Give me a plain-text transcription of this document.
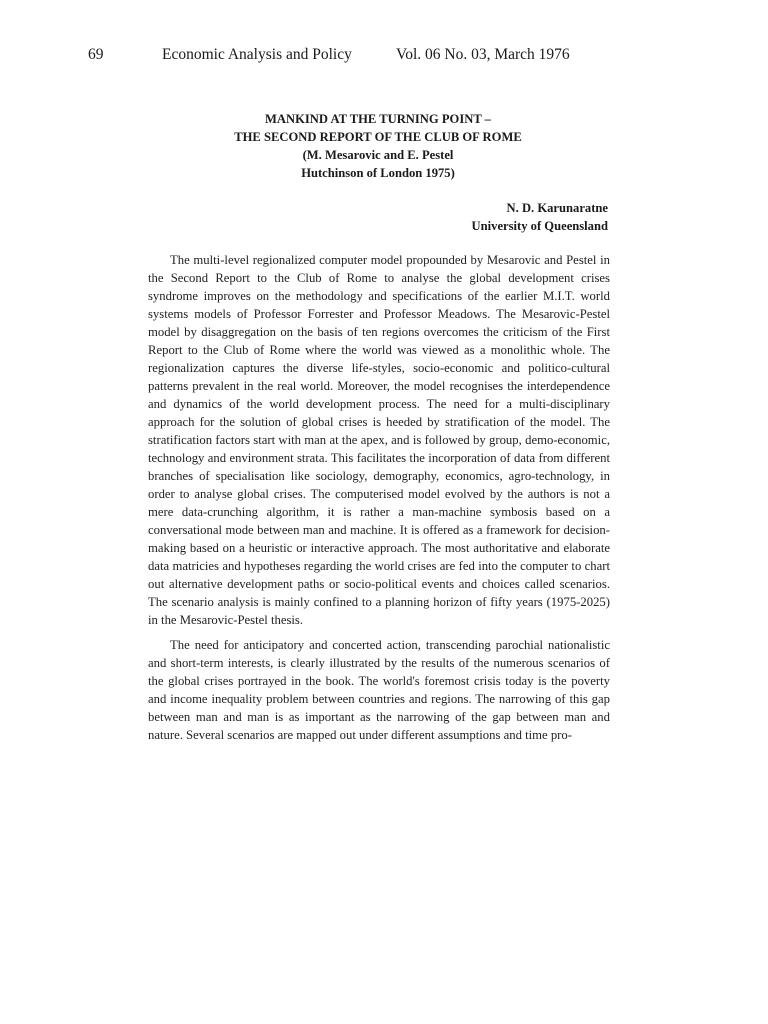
69	Economic Analysis and Policy	Vol. 06 No. 03, March 1976
MANKIND AT THE TURNING POINT –
THE SECOND REPORT OF THE CLUB OF ROME
(M. Mesarovic and E. Pestel
Hutchinson of London 1975)
N. D. Karunaratne
University of Queensland

The multi-level regionalized computer model propounded by Mesarovic and Pestel in the Second Report to the Club of Rome to analyse the global development crises syndrome improves on the methodology and specifications of the earlier M.I.T. world systems models of Professor Forrester and Professor Meadows. The Mesarovic-Pestel model by disaggregation on the basis of ten regions overcomes the criticism of the First Report to the Club of Rome where the world was viewed as a monolithic whole. The regionalization captures the diverse life-styles, socio-economic and politico-cultural patterns prevalent in the real world. Moreover, the model recognises the interdependence and dynamics of the world development process. The need for a multi-disciplinary approach for the solution of global crises is heeded by stratification of the model. The stratification factors start with man at the apex, and is followed by group, demo-economic, technology and environment strata. This facilitates the incorporation of data from different branches of specialisation like sociology, demography, economics, agro-technology, in order to analyse global crises. The computerised model evolved by the authors is not a mere data-crunching algorithm, it is rather a man-machine symbosis based on a conversational mode between man and machine. It is offered as a framework for decision-making based on a heuristic or interactive approach. The most authoritative and elaborate data matricies and hypotheses regarding the world crises are fed into the computer to chart out alternative development paths or socio-political events and choices called scenarios. The scenario analysis is mainly confined to a planning horizon of fifty years (1975-2025) in the Mesarovic-Pestel thesis.

The need for anticipatory and concerted action, transcending parochial nationalistic and short-term interests, is clearly illustrated by the results of the numerous scenarios of the global crises portrayed in the book. The world's foremost crisis today is the poverty and income inequality problem between countries and regions. The narrowing of this gap between man and man is as important as the narrowing of the gap between man and nature. Several scenarios are mapped out under different assumptions and time pro-
